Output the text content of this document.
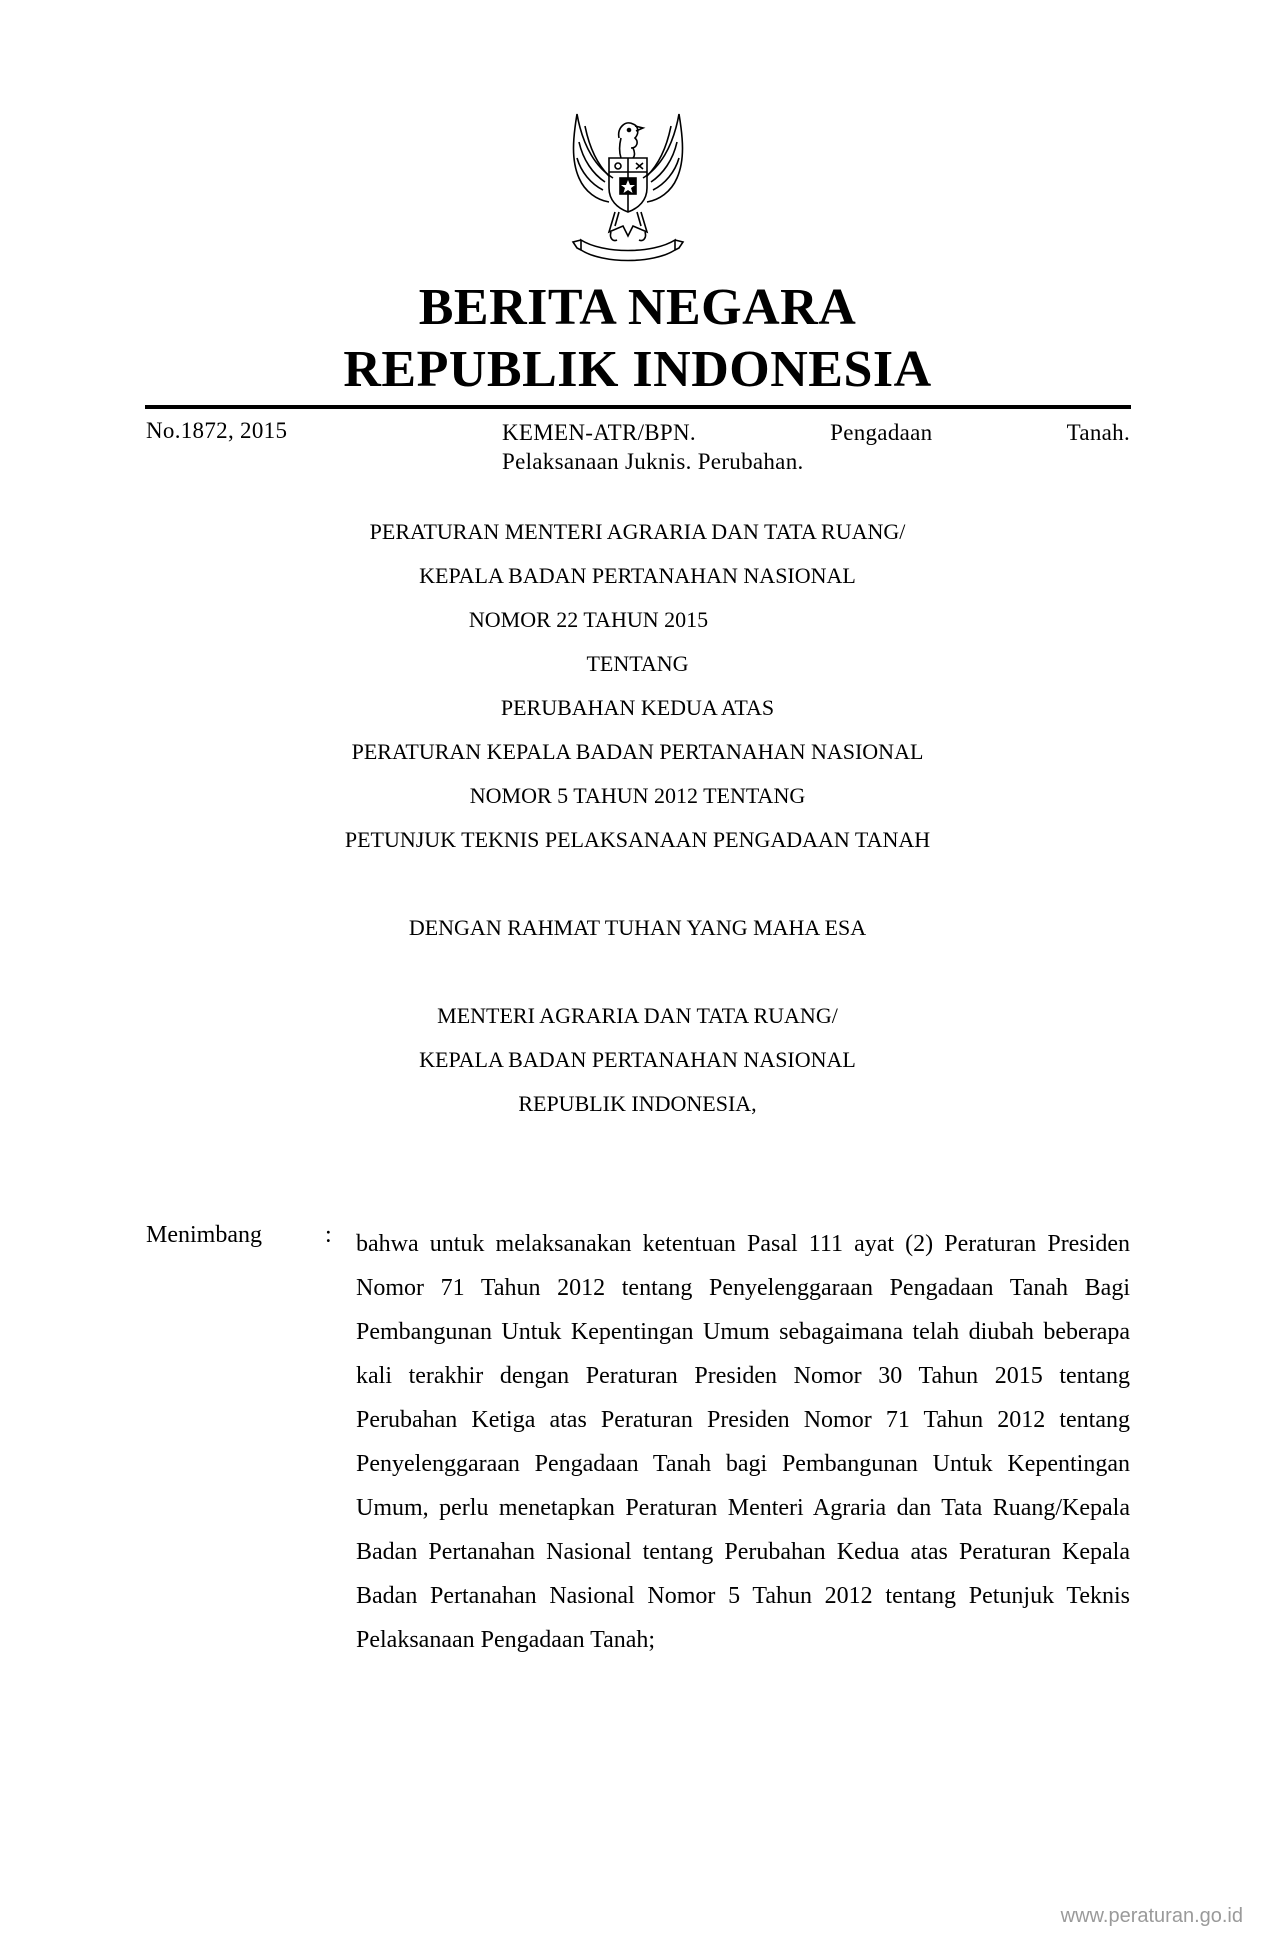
BERITA NEGARA
REPUBLIK INDONESIA
No.1872, 2015	KEMEN-ATR/BPN.	Pengadaan	Tanah.
Pelaksanaan Juknis. Perubahan.
PERATURAN MENTERI AGRARIA DAN TATA RUANG/
KEPALA BADAN PERTANAHAN NASIONAL
NOMOR 22 TAHUN 2015
TENTANG
PERUBAHAN KEDUA ATAS
PERATURAN KEPALA BADAN PERTANAHAN NASIONAL
NOMOR 5 TAHUN 2012 TENTANG
PETUNJUK TEKNIS PELAKSANAAN PENGADAAN TANAH
DENGAN RAHMAT TUHAN YANG MAHA ESA
MENTERI AGRARIA DAN TATA RUANG/
KEPALA BADAN PERTANAHAN NASIONAL
REPUBLIK INDONESIA,
Menimbang	: bahwa untuk melaksanakan ketentuan Pasal 111 ayat (2) Peraturan Presiden Nomor 71 Tahun 2012 tentang Penyelenggaraan Pengadaan Tanah Bagi Pembangunan Untuk Kepentingan Umum sebagaimana telah diubah beberapa kali terakhir dengan Peraturan Presiden Nomor 30 Tahun 2015 tentang Perubahan Ketiga atas Peraturan Presiden Nomor 71 Tahun 2012 tentang Penyelenggaraan Pengadaan Tanah bagi Pembangunan Untuk Kepentingan Umum, perlu menetapkan Peraturan Menteri Agraria dan Tata Ruang/Kepala Badan Pertanahan Nasional tentang Perubahan Kedua atas Peraturan Kepala Badan Pertanahan Nasional Nomor 5 Tahun 2012 tentang Petunjuk Teknis Pelaksanaan Pengadaan Tanah;
www.peraturan.go.id
